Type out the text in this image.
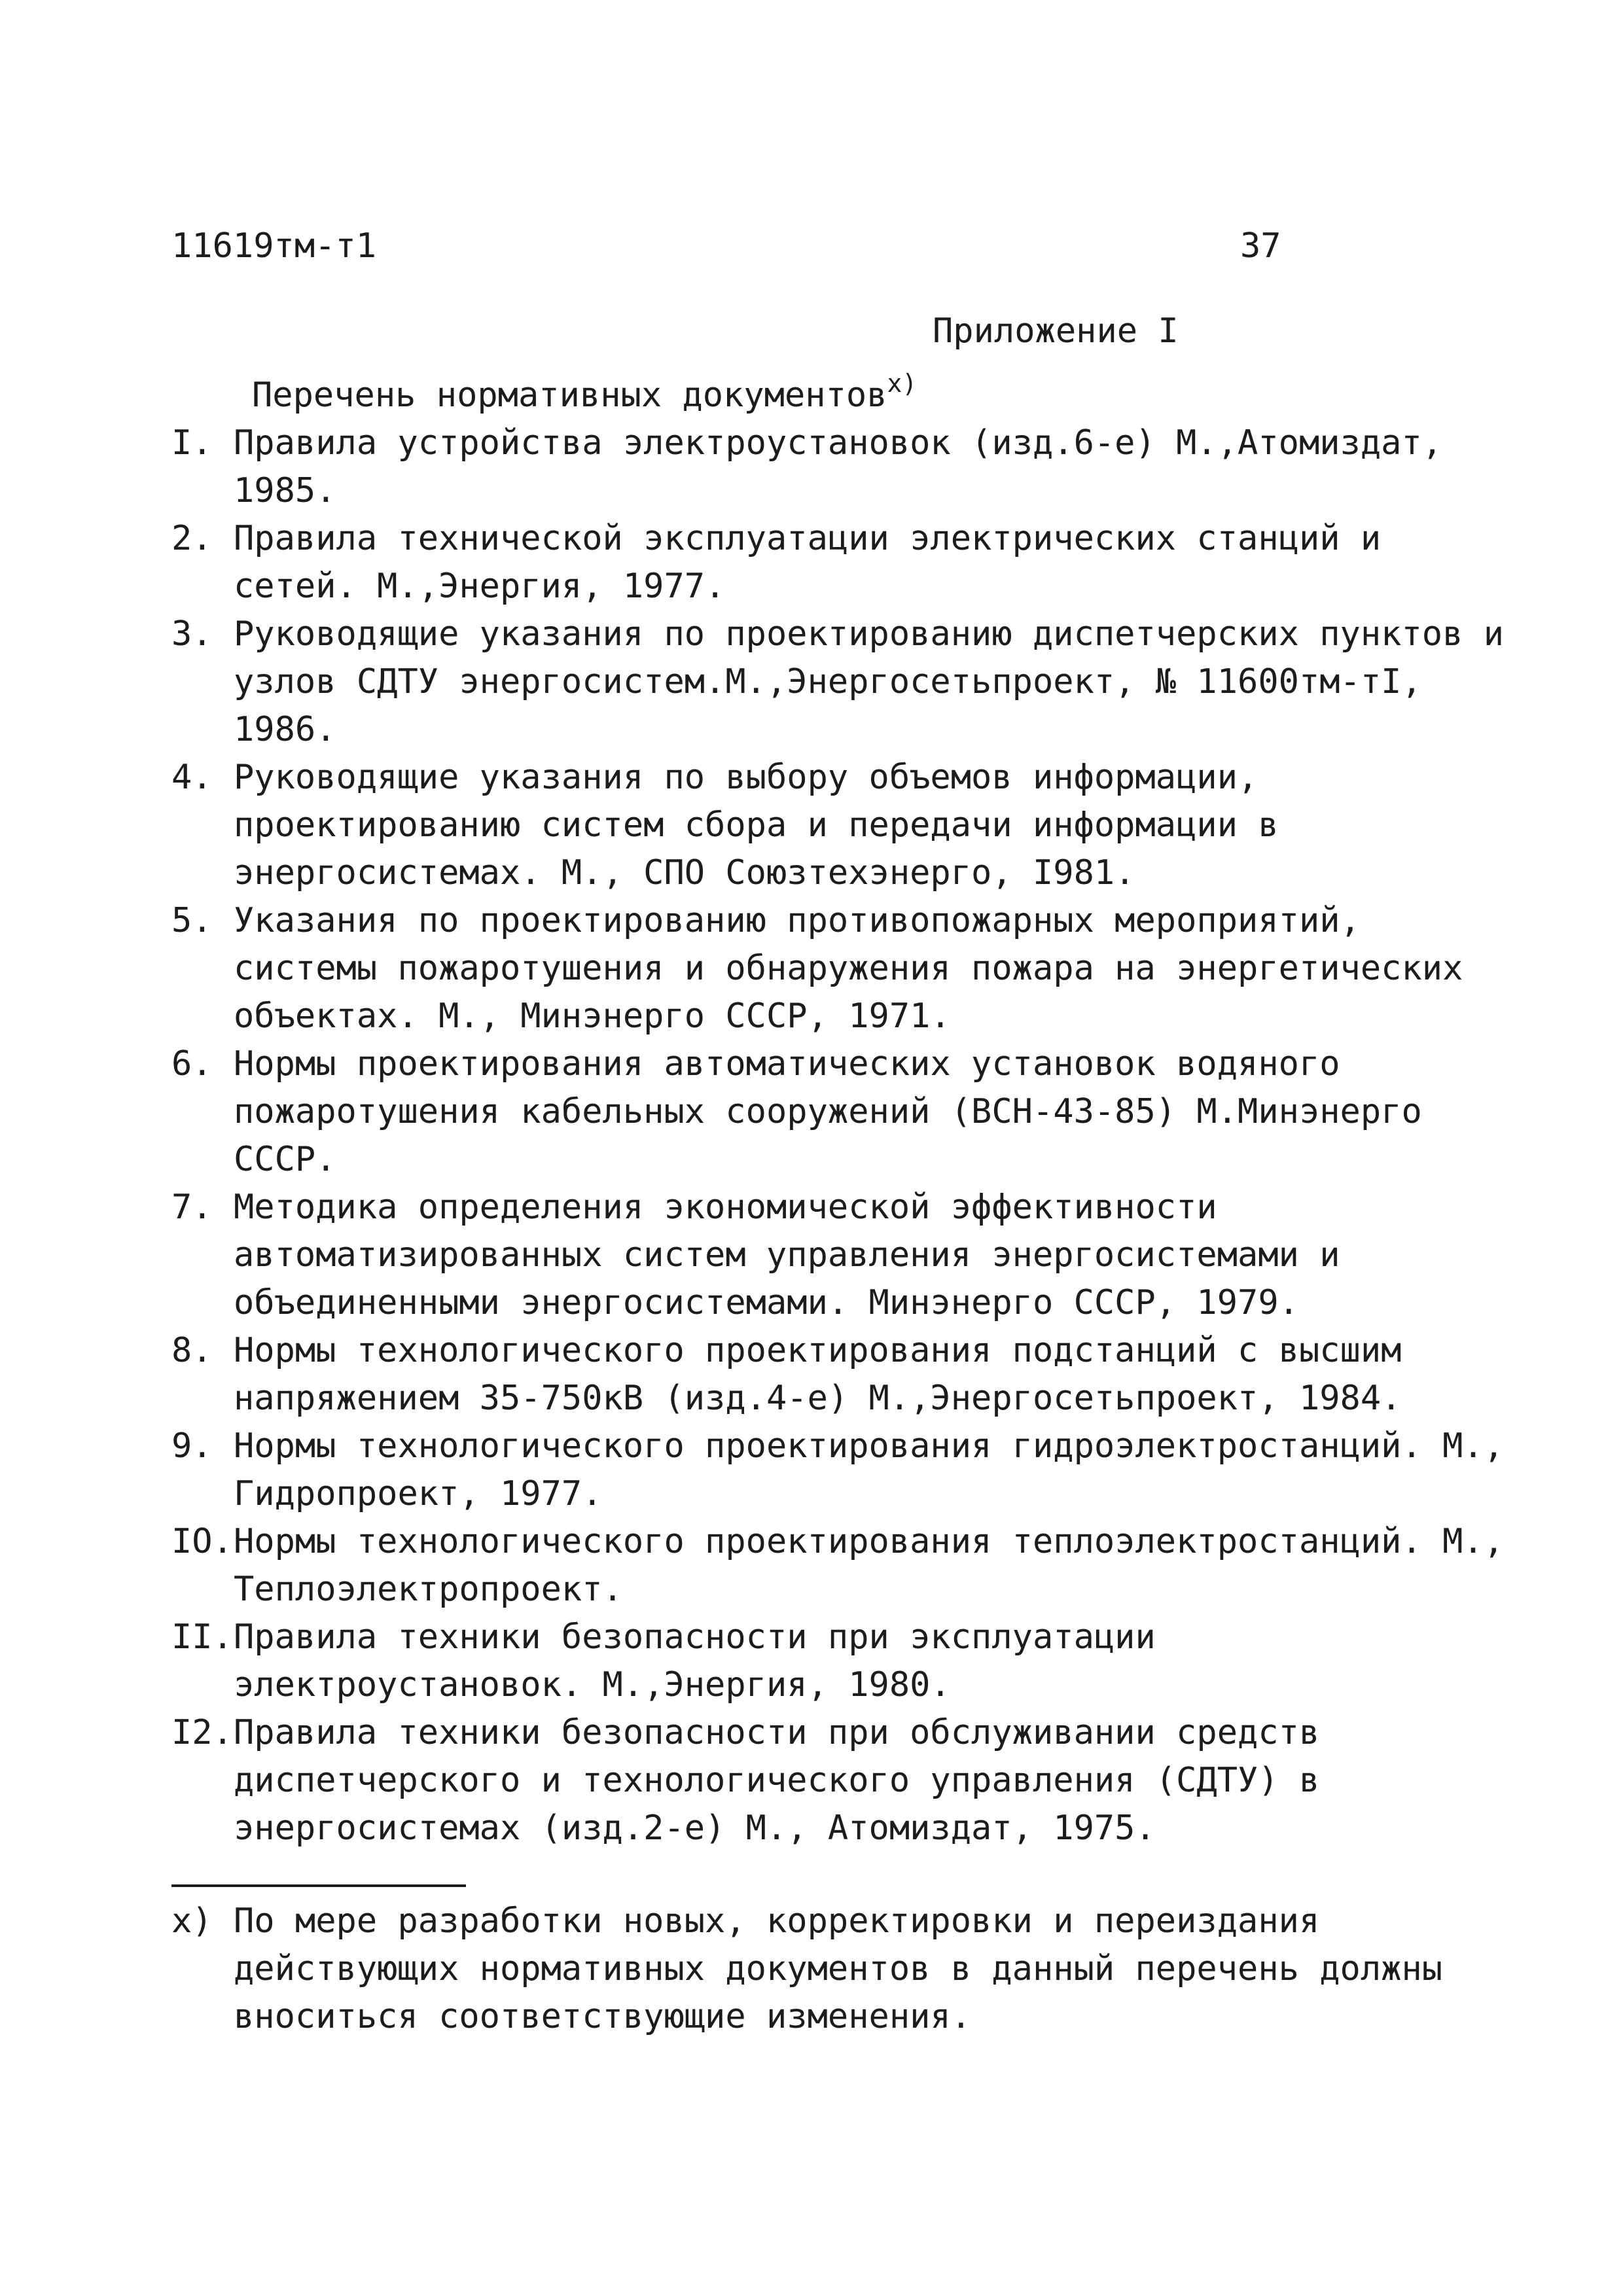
11619тм-т1	37
Приложение I
Перечень нормативных документов$^{х)}$
I. Правила устройства электроустановок (изд.6-е) М.,Атомиздат, 1985.
2. Правила технической эксплуатации электрических станций и сетей. М.,Энергия, 1977.
3. Руководящие указания по проектированию диспетчерских пунктов и узлов СДТУ энергосистем.М.,Энергосетьпроект, № 11600тм-тI, 1986.
4. Руководящие указания по выбору объемов информации, проектированию систем сбора и передачи информации в энергосистемах. М., СПО Союзтехэнерго, I981.
5. Указания по проектированию противопожарных мероприятий, системы пожаротушения и обнаружения пожара на энергетических объектах. М., Минэнерго СССР, 1971.
6. Нормы проектирования автоматических установок водяного пожаротушения кабельных сооружений (ВСН-43-85) М.Минэнерго СССР.
7. Методика определения экономической эффективности автоматизированных систем управления энергосистемами и объединенными энергосистемами. Минэнерго СССР, 1979.
8. Нормы технологического проектирования подстанций с высшим напряжением 35-750кВ (изд.4-е) М.,Энергосетьпроект, 1984.
9. Нормы технологического проектирования гидроэлектростанций. М., Гидропроект, 1977.
IO. Нормы технологического проектирования теплоэлектростанций. М., Теплоэлектропроект.
II. Правила техники безопасности при эксплуатации электроустановок. М.,Энергия, 1980.
I2. Правила техники безопасности при обслуживании средств диспетчерского и технологического управления (СДТУ) в энергосистемах (изд.2-е) М., Атомиздат, 1975.
х) По мере разработки новых, корректировки и переиздания действующих нормативных документов в данный перечень должны вноситься соответствующие изменения.
